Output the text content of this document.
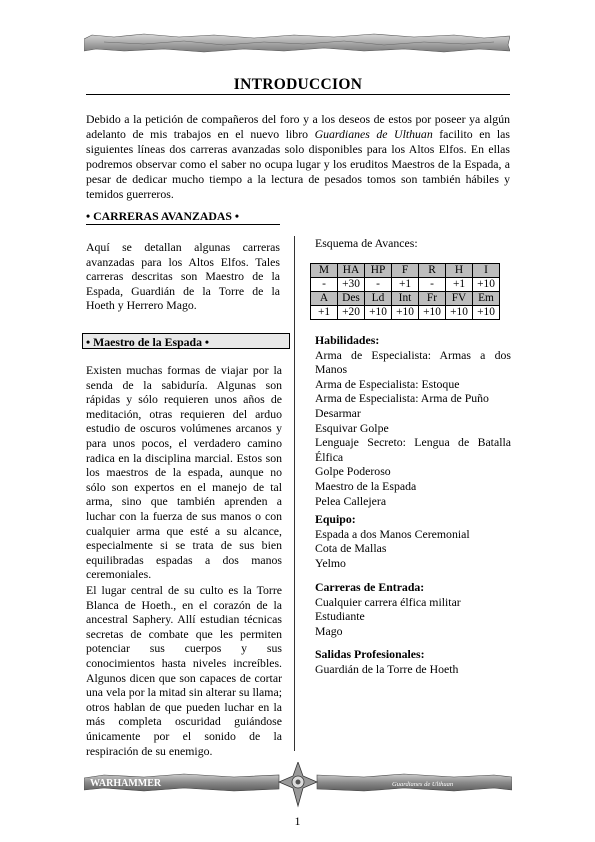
INTRODUCCION
Debido a la petición de compañeros del foro y a los deseos de estos por poseer ya algún adelanto de mis trabajos en el nuevo libro Guardianes de Ulthuan facilito en las siguientes líneas dos carreras avanzadas solo disponibles para los Altos Elfos. En ellas podremos observar como el saber no ocupa lugar y los eruditos Maestros de la Espada, a pesar de dedicar mucho tiempo a la lectura de pesados tomos son también hábiles y temidos guerreros.
• CARRERAS AVANZADAS •
Aquí se detallan algunas carreras avanzadas para los Altos Elfos. Tales carreras descritas son Maestro de la Espada, Guardián de la Torre de la Hoeth y Herrero Mago.
• Maestro de la Espada •
Existen muchas formas de viajar por la senda de la sabiduría. Algunas son rápidas y sólo requieren unos años de meditación, otras requieren del arduo estudio de oscuros volúmenes arcanos y para unos pocos, el verdadero camino radica en la disciplina marcial. Estos son los maestros de la espada, aunque no sólo son expertos en el manejo de tal arma, sino que también aprenden a luchar con la fuerza de sus manos o con cualquier arma que esté a su alcance, especialmente si se trata de sus bien equilibradas espadas a dos manos ceremoniales.
El lugar central de su culto es la Torre Blanca de Hoeth., en el corazón de la ancestral Saphery. Allí estudian técnicas secretas de combate que les permiten potenciar sus cuerpos y sus conocimientos hasta niveles increíbles. Algunos dicen que son capaces de cortar una vela por la mitad sin alterar su llama; otros hablan de que pueden luchar en la más completa oscuridad guiándose únicamente por el sonido de la respiración de su enemigo.
Esquema de Avances:
M	HA	HP	F	R	H	I
-	+30	-	+1	-	+1	+10
A	Des	Ld	Int	Fr	FV	Em
+1	+20	+10	+10	+10	+10	+10
Habilidades:
Arma de Especialista: Armas a dos Manos
Arma de Especialista: Estoque
Arma de Especialista: Arma de Puño
Desarmar
Esquivar Golpe
Lenguaje Secreto: Lengua de Batalla Élfica
Golpe Poderoso
Maestro de la Espada
Pelea Callejera
Equipo:
Espada a dos Manos Ceremonial
Cota de Mallas
Yelmo
Carreras de Entrada:
Cualquier carrera élfica militar
Estudiante
Mago
Salidas Profesionales:
Guardián de la Torre de Hoeth
WARHAMMER	Guardianes de Ulthuan
1
